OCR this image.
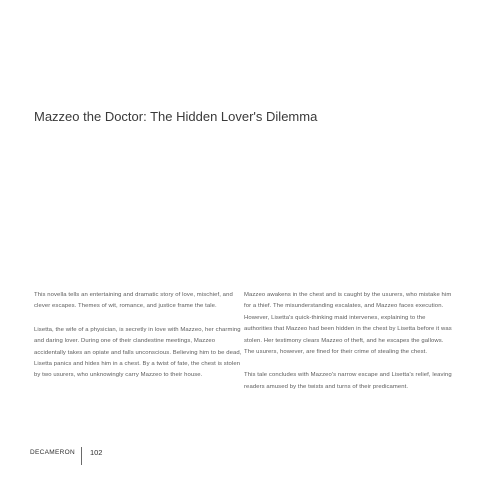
Mazzeo the Doctor: The Hidden Lover's Dilemma

This novella tells an entertaining and dramatic story of love, mischief, and clever escapes. Themes of wit, romance, and justice frame the tale.

Lisetta, the wife of a physician, is secretly in love with Mazzeo, her charming and daring lover. During one of their clandestine meetings, Mazzeo accidentally takes an opiate and falls unconscious. Believing him to be dead, Lisetta panics and hides him in a chest. By a twist of fate, the chest is stolen by two usurers, who unknowingly carry Mazzeo to their house.

Mazzeo awakens in the chest and is caught by the usurers, who mistake him for a thief. The misunderstanding escalates, and Mazzeo faces execution. However, Lisetta's quick-thinking maid intervenes, explaining to the authorities that Mazzeo had been hidden in the chest by Lisetta before it was stolen. Her testimony clears Mazzeo of theft, and he escapes the gallows. The usurers, however, are fined for their crime of stealing the chest.

This tale concludes with Mazzeo's narrow escape and Lisetta's relief, leaving readers amused by the twists and turns of their predicament.

DECAMERON	102
